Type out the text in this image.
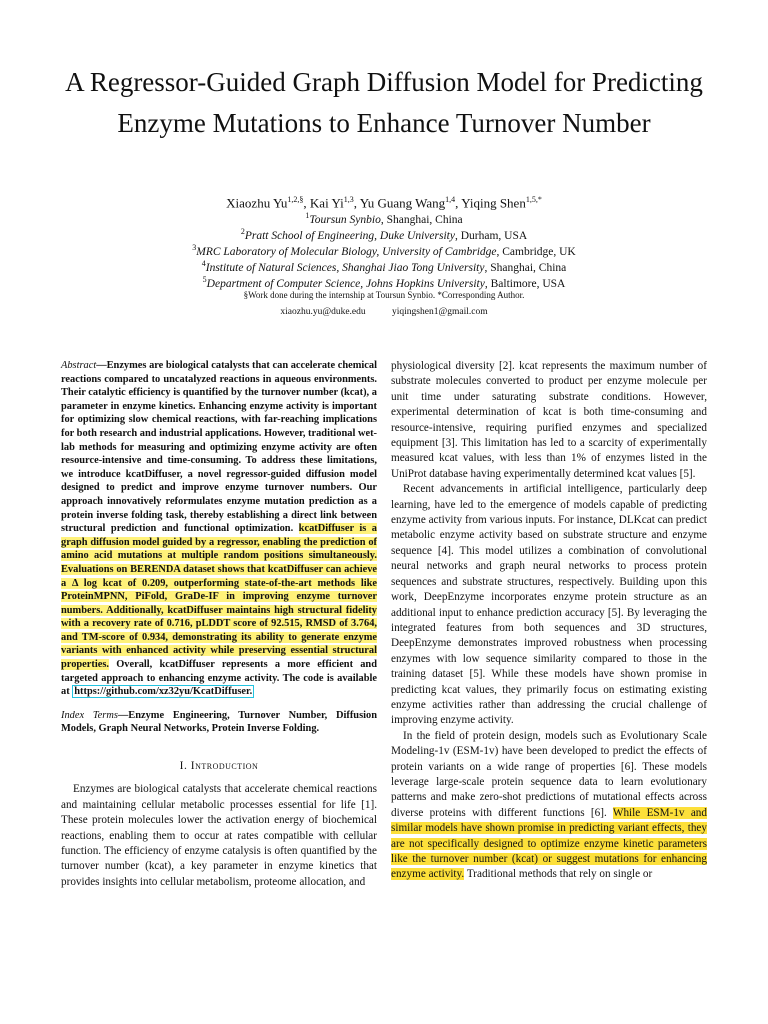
A Regressor-Guided Graph Diffusion Model for Predicting Enzyme Mutations to Enhance Turnover Number
Xiaozhu $Yu^{1,2,\S}$, Kai Yi$^{1,3}$, Yu Guang Wang$^{1,4}$, Yiqing Shen$^{1,5,*}$
$^1$Toursun Synbio, Shanghai, China
$^2$Pratt School of Engineering, Duke University, Durham, USA
$^3$MRC Laboratory of Molecular Biology, University of Cambridge, Cambridge, UK
$^4$Institute of Natural Sciences, Shanghai Jiao Tong University, Shanghai, China
$^5$Department of Computer Science, Johns Hopkins University, Baltimore, USA
§Work done during the internship at Toursun Synbio. *Corresponding Author.
xiaozhu.yu@duke.edu	yiqingshen1@gmail.com
Abstract—Enzymes are biological catalysts that can accelerate chemical reactions compared to uncatalyzed reactions in aqueous environments. Their catalytic efficiency is quantified by the turnover number (kcat), a parameter in enzyme kinetics. Enhancing enzyme activity is important for optimizing slow chemical reactions, with far-reaching implications for both research and industrial applications. However, traditional wet-lab methods for measuring and optimizing enzyme activity are often resource-intensive and time-consuming. To address these limitations, we introduce kcatDiffuser, a novel regressor-guided diffusion model designed to predict and improve enzyme turnover numbers. Our approach innovatively reformulates enzyme mutation prediction as a protein inverse folding task, thereby establishing a direct link between structural prediction and functional optimization. kcatDiffuser is a graph diffusion model guided by a regressor, enabling the prediction of amino acid mutations at multiple random positions simultaneously. Evaluations on BERENDA dataset shows that kcatDiffuser can achieve a Δ log kcat of 0.209, outperforming state-of-the-art methods like ProteinMPNN, PiFold, GraDe-IF in improving enzyme turnover numbers. Additionally, kcatDiffuser maintains high structural fidelity with a recovery rate of 0.716, pLDDT score of 92.515, RMSD of 3.764, and TM-score of 0.934, demonstrating its ability to generate enzyme variants with enhanced activity while preserving essential structural properties. Overall, kcatDiffuser represents a more efficient and targeted approach to enhancing enzyme activity. The code is available at https://github.com/xz32yu/KcatDiffuser.
Index Terms—Enzyme Engineering, Turnover Number, Diffusion Models, Graph Neural Networks, Protein Inverse Folding.
I. Introduction

Enzymes are biological catalysts that accelerate chemical reactions and maintaining cellular metabolic processes essential for life [1]. These protein molecules lower the activation energy of biochemical reactions, enabling them to occur at rates compatible with cellular function. The efficiency of enzyme catalysis is often quantified by the turnover number (kcat), a key parameter in enzyme kinetics that provides insights into cellular metabolism, proteome allocation, and

physiological diversity [2]. kcat represents the maximum number of substrate molecules converted to product per enzyme molecule per unit time under saturating substrate conditions. However, experimental determination of kcat is both time-consuming and resource-intensive, requiring purified enzymes and specialized equipment [3]. This limitation has led to a scarcity of experimentally measured kcat values, with less than 1% of enzymes listed in the UniProt database having experimentally determined kcat values [5].

Recent advancements in artificial intelligence, particularly deep learning, have led to the emergence of models capable of predicting enzyme activity from various inputs. For instance, DLKcat can predict metabolic enzyme activity based on substrate structure and enzyme sequence [4]. This model utilizes a combination of convolutional neural networks and graph neural networks to process protein sequences and substrate structures, respectively. Building upon this work, DeepEnzyme incorporates enzyme protein structure as an additional input to enhance prediction accuracy [5]. By leveraging the integrated features from both sequences and 3D structures, DeepEnzyme demonstrates improved robustness when processing enzymes with low sequence similarity compared to those in the training dataset [5]. While these models have shown promise in predicting kcat values, they primarily focus on estimating existing enzyme activities rather than addressing the crucial challenge of improving enzyme activity.

In the field of protein design, models such as Evolutionary Scale Modeling-1v (ESM-1v) have been developed to predict the effects of protein variants on a wide range of properties [6]. These models leverage large-scale protein sequence data to learn evolutionary patterns and make zero-shot predictions of mutational effects across diverse proteins with different functions [6]. While ESM-1v and similar models have shown promise in predicting variant effects, they are not specifically designed to optimize enzyme kinetic parameters like the turnover number (kcat) or suggest mutations for enhancing enzyme activity. Traditional methods that rely on single or
